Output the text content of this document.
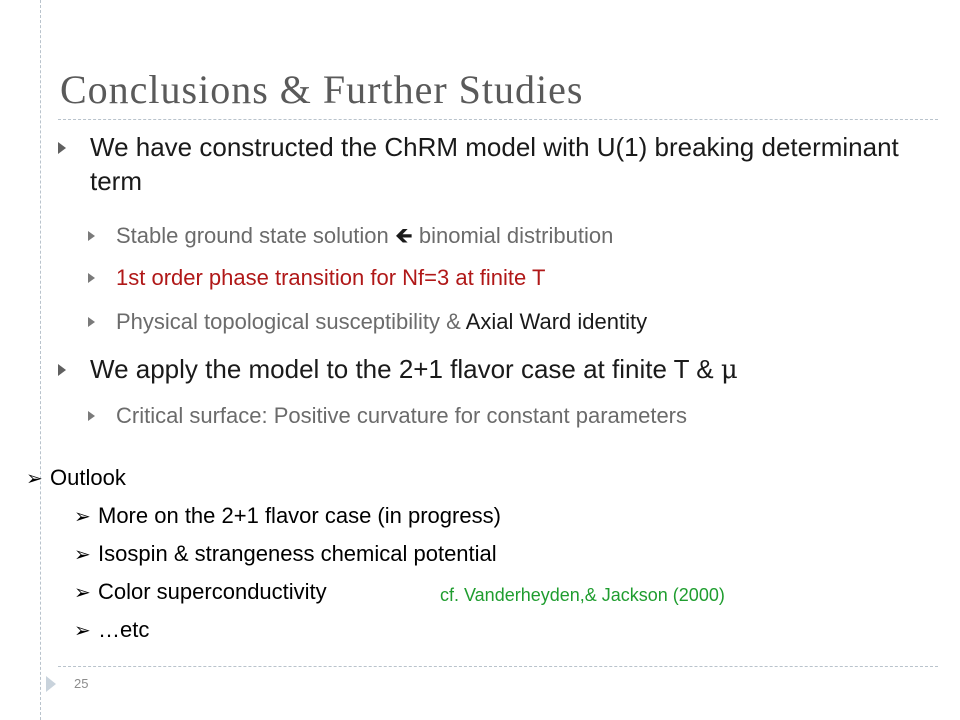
Conclusions & Further Studies
We have constructed the ChRM model with U(1) breaking determinant term
Stable ground state solution 🡸 binomial distribution
1st order phase transition for Nf=3 at finite T
Physical topological susceptibility & Axial Ward identity
We apply the model to the 2+1 flavor case at finite T & μ
Critical surface: Positive curvature for constant parameters
➢ Outlook
➢ More on the 2+1 flavor case (in progress)
➢ Isospin & strangeness chemical potential
➢ Color superconductivity
➢ …etc
cf. Vanderheyden,& Jackson (2000)
25
